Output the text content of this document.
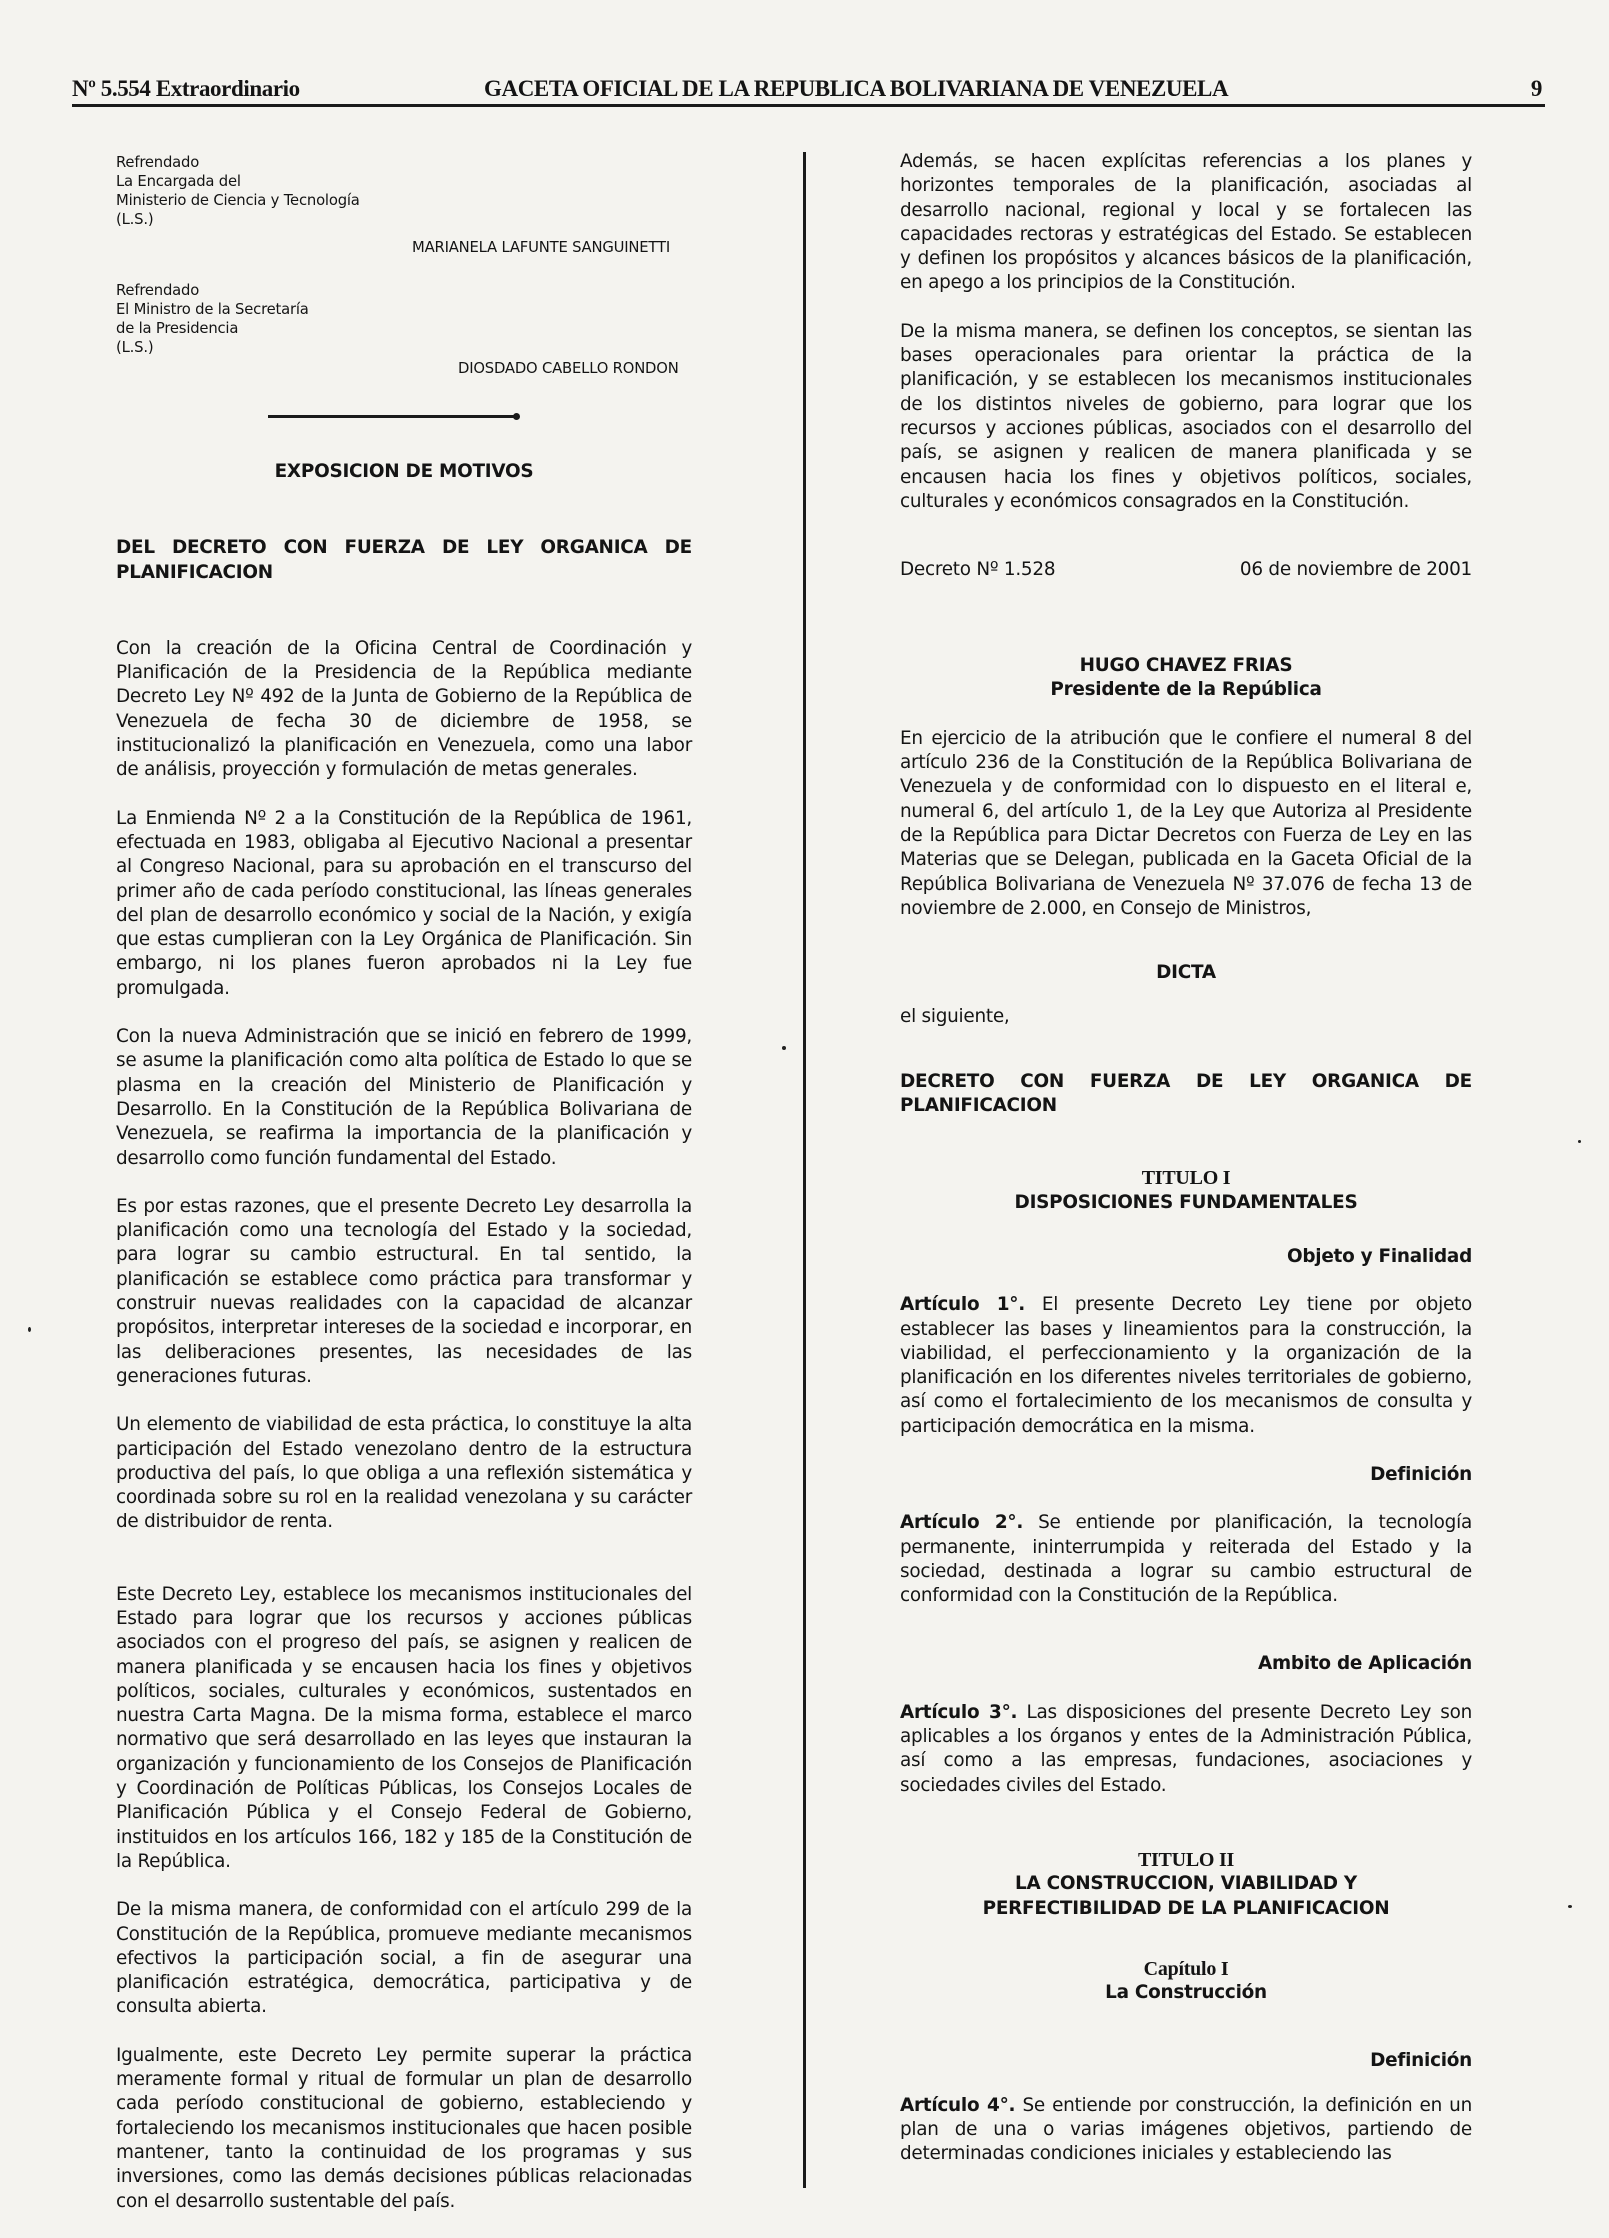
Nº 5.554 Extraordinario	GACETA OFICIAL DE LA REPUBLICA BOLIVARIANA DE VENEZUELA	9
Refrendado
La Encargada del
Ministerio de Ciencia y Tecnología
(L.S.)
MARIANELA LAFUNTE SANGUINETTI
Refrendado
El Ministro de la Secretaría
de la Presidencia
(L.S.)
DIOSDADO CABELLO RONDON
EXPOSICION DE MOTIVOS
DEL DECRETO CON FUERZA DE LEY ORGANICA DE PLANIFICACION

Con la creación de la Oficina Central de Coordinación y Planificación de la Presidencia de la República mediante Decreto Ley Nº 492 de la Junta de Gobierno de la República de Venezuela de fecha 30 de diciembre de 1958, se institucionalizó la planificación en Venezuela, como una labor de análisis, proyección y formulación de metas generales.

La Enmienda Nº 2 a la Constitución de la República de 1961, efectuada en 1983, obligaba al Ejecutivo Nacional a presentar al Congreso Nacional, para su aprobación en el transcurso del primer año de cada período constitucional, las líneas generales del plan de desarrollo económico y social de la Nación, y exigía que estas cumplieran con la Ley Orgánica de Planificación. Sin embargo, ni los planes fueron aprobados ni la Ley fue promulgada.

Con la nueva Administración que se inició en febrero de 1999, se asume la planificación como alta política de Estado lo que se plasma en la creación del Ministerio de Planificación y Desarrollo. En la Constitución de la República Bolivariana de Venezuela, se reafirma la importancia de la planificación y desarrollo como función fundamental del Estado.

Es por estas razones, que el presente Decreto Ley desarrolla la planificación como una tecnología del Estado y la sociedad, para lograr su cambio estructural. En tal sentido, la planificación se establece como práctica para transformar y construir nuevas realidades con la capacidad de alcanzar propósitos, interpretar intereses de la sociedad e incorporar, en las deliberaciones presentes, las necesidades de las generaciones futuras.

Un elemento de viabilidad de esta práctica, lo constituye la alta participación del Estado venezolano dentro de la estructura productiva del país, lo que obliga a una reflexión sistemática y coordinada sobre su rol en la realidad venezolana y su carácter de distribuidor de renta.

Este Decreto Ley, establece los mecanismos institucionales del Estado para lograr que los recursos y acciones públicas asociados con el progreso del país, se asignen y realicen de manera planificada y se encausen hacia los fines y objetivos políticos, sociales, culturales y económicos, sustentados en nuestra Carta Magna. De la misma forma, establece el marco normativo que será desarrollado en las leyes que instauran la organización y funcionamiento de los Consejos de Planificación y Coordinación de Políticas Públicas, los Consejos Locales de Planificación Pública y el Consejo Federal de Gobierno, instituidos en los artículos 166, 182 y 185 de la Constitución de la República.

De la misma manera, de conformidad con el artículo 299 de la Constitución de la República, promueve mediante mecanismos efectivos la participación social, a fin de asegurar una planificación estratégica, democrática, participativa y de consulta abierta.

Igualmente, este Decreto Ley permite superar la práctica meramente formal y ritual de formular un plan de desarrollo cada período constitucional de gobierno, estableciendo y fortaleciendo los mecanismos institucionales que hacen posible mantener, tanto la continuidad de los programas y sus inversiones, como las demás decisiones públicas relacionadas con el desarrollo sustentable del país.

Además, se hacen explícitas referencias a los planes y horizontes temporales de la planificación, asociadas al desarrollo nacional, regional y local y se fortalecen las capacidades rectoras y estratégicas del Estado. Se establecen y definen los propósitos y alcances básicos de la planificación, en apego a los principios de la Constitución.

De la misma manera, se definen los conceptos, se sientan las bases operacionales para orientar la práctica de la planificación, y se establecen los mecanismos institucionales de los distintos niveles de gobierno, para lograr que los recursos y acciones públicas, asociados con el desarrollo del país, se asignen y realicen de manera planificada y se encausen hacia los fines y objetivos políticos, sociales, culturales y económicos consagrados en la Constitución.

Decreto Nº 1.528	06 de noviembre de 2001
HUGO CHAVEZ FRIAS
Presidente de la República

En ejercicio de la atribución que le confiere el numeral 8 del artículo 236 de la Constitución de la República Bolivariana de Venezuela y de conformidad con lo dispuesto en el literal e, numeral 6, del artículo 1, de la Ley que Autoriza al Presidente de la República para Dictar Decretos con Fuerza de Ley en las Materias que se Delegan, publicada en la Gaceta Oficial de la República Bolivariana de Venezuela Nº 37.076 de fecha 13 de noviembre de 2.000, en Consejo de Ministros,

DICTA
el siguiente,
DECRETO CON FUERZA DE LEY ORGANICA DE PLANIFICACION
TITULO I
DISPOSICIONES FUNDAMENTALES
Objeto y Finalidad

Artículo 1°. El presente Decreto Ley tiene por objeto establecer las bases y lineamientos para la construcción, la viabilidad, el perfeccionamiento y la organización de la planificación en los diferentes niveles territoriales de gobierno, así como el fortalecimiento de los mecanismos de consulta y participación democrática en la misma.

Definición

Artículo 2°. Se entiende por planificación, la tecnología permanente, ininterrumpida y reiterada del Estado y la sociedad, destinada a lograr su cambio estructural de conformidad con la Constitución de la República.

Ambito de Aplicación

Artículo 3°. Las disposiciones del presente Decreto Ley son aplicables a los órganos y entes de la Administración Pública, así como a las empresas, fundaciones, asociaciones y sociedades civiles del Estado.

TITULO II
LA CONSTRUCCION, VIABILIDAD Y
PERFECTIBILIDAD DE LA PLANIFICACION
Capítulo I
La Construcción
Definición

Artículo 4°. Se entiende por construcción, la definición en un plan de una o varias imágenes objetivos, partiendo de determinadas condiciones iniciales y estableciendo las
